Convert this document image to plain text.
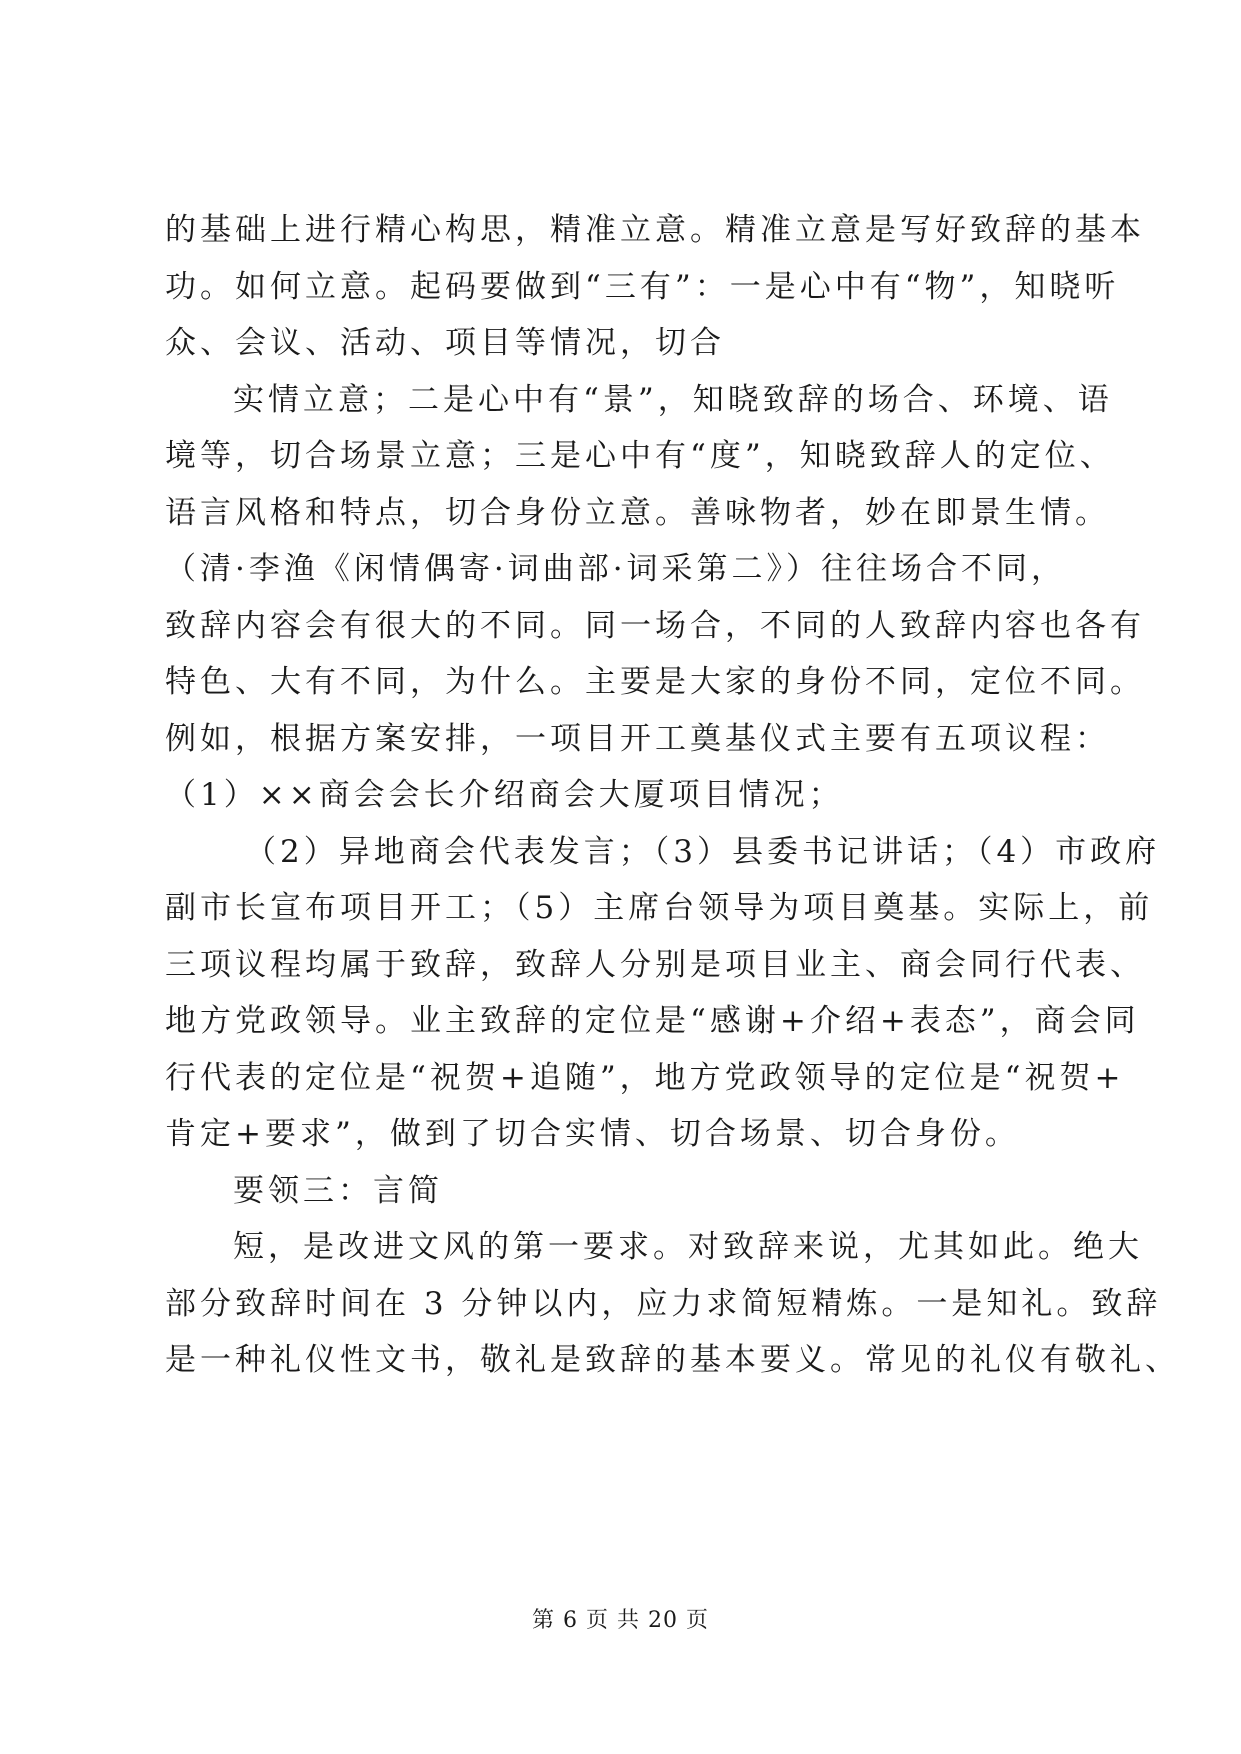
的基础上进行精心构思，精准立意。精准立意是写好致辞的基本
功。如何立意。起码要做到“三有”：一是心中有“物”，知晓听
众、会议、活动、项目等情况，切合
实情立意；二是心中有“景”，知晓致辞的场合、环境、语
境等，切合场景立意；三是心中有“度”，知晓致辞人的定位、
语言风格和特点，切合身份立意。善咏物者，妙在即景生情。
（清·李渔《闲情偶寄·词曲部·词采第二》）往往场合不同，
致辞内容会有很大的不同。同一场合，不同的人致辞内容也各有
特色、大有不同，为什么。主要是大家的身份不同，定位不同。
例如，根据方案安排，一项目开工奠基仪式主要有五项议程：
（1）××商会会长介绍商会大厦项目情况；
（2）异地商会代表发言；（3）县委书记讲话；（4）市政府
副市长宣布项目开工；（5）主席台领导为项目奠基。实际上，前
三项议程均属于致辞，致辞人分别是项目业主、商会同行代表、
地方党政领导。业主致辞的定位是“感谢+介绍+表态”，商会同
行代表的定位是“祝贺+追随”，地方党政领导的定位是“祝贺+
肯定+要求”，做到了切合实情、切合场景、切合身份。
要领三：言简
短，是改进文风的第一要求。对致辞来说，尤其如此。绝大
部分致辞时间在 3 分钟以内，应力求简短精炼。一是知礼。致辞
是一种礼仪性文书，敬礼是致辞的基本要义。常见的礼仪有敬礼、
第 6 页 共 20 页
